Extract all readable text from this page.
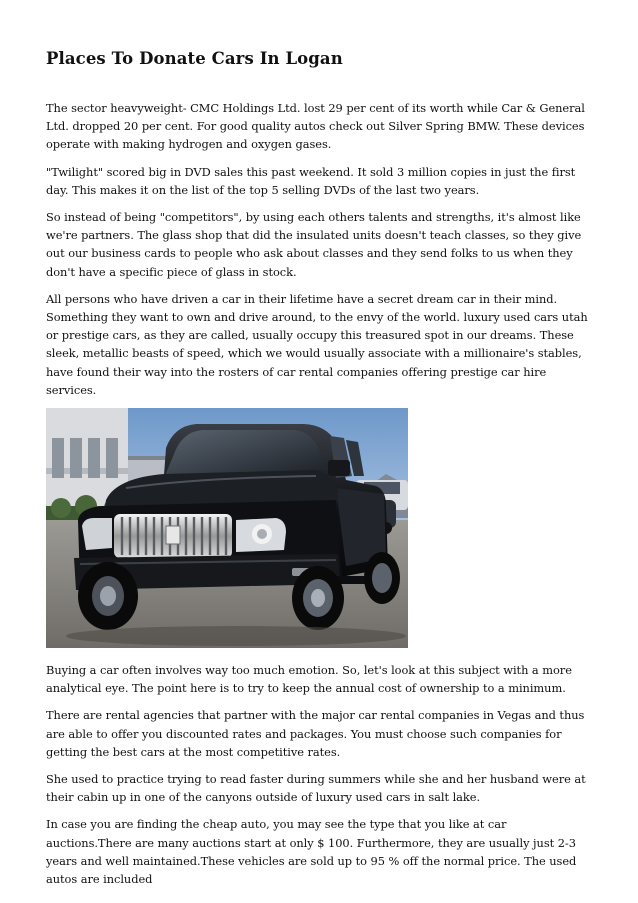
Places To Donate Cars In Logan

The sector heavyweight- CMC Holdings Ltd. lost 29 per cent of its worth while Car & General Ltd. dropped 20 per cent. For good quality autos check out Silver Spring BMW. These devices operate with making hydrogen and oxygen gases.

"Twilight" scored big in DVD sales this past weekend. It sold 3 million copies in just the first day. This makes it on the list of the top 5 selling DVDs of the last two years.

So instead of being "competitors", by using each others talents and strengths, it's almost like we're partners. The glass shop that did the insulated units doesn't teach classes, so they give out our business cards to people who ask about classes and they send folks to us when they don't have a specific piece of glass in stock.

All persons who have driven a car in their lifetime have a secret dream car in their mind. Something they want to own and drive around, to the envy of the world. luxury used cars utah or prestige cars, as they are called, usually occupy this treasured spot in our dreams. These sleek, metallic beasts of speed, which we would usually associate with a millionaire's stables, have found their way into the rosters of car rental companies offering prestige car hire services.

Buying a car often involves way too much emotion. So, let's look at this subject with a more analytical eye. The point here is to try to keep the annual cost of ownership to a minimum.

There are rental agencies that partner with the major car rental companies in Vegas and thus are able to offer you discounted rates and packages. You must choose such companies for getting the best cars at the most competitive rates.

She used to practice trying to read faster during summers while she and her husband were at their cabin up in one of the canyons outside of luxury used cars in salt lake.

In case you are finding the cheap auto, you may see the type that you like at car auctions.There are many auctions start at only $ 100. Furthermore, they are usually just 2-3 years and well maintained.These vehicles are sold up to 95 % off the normal price. The used autos are included
